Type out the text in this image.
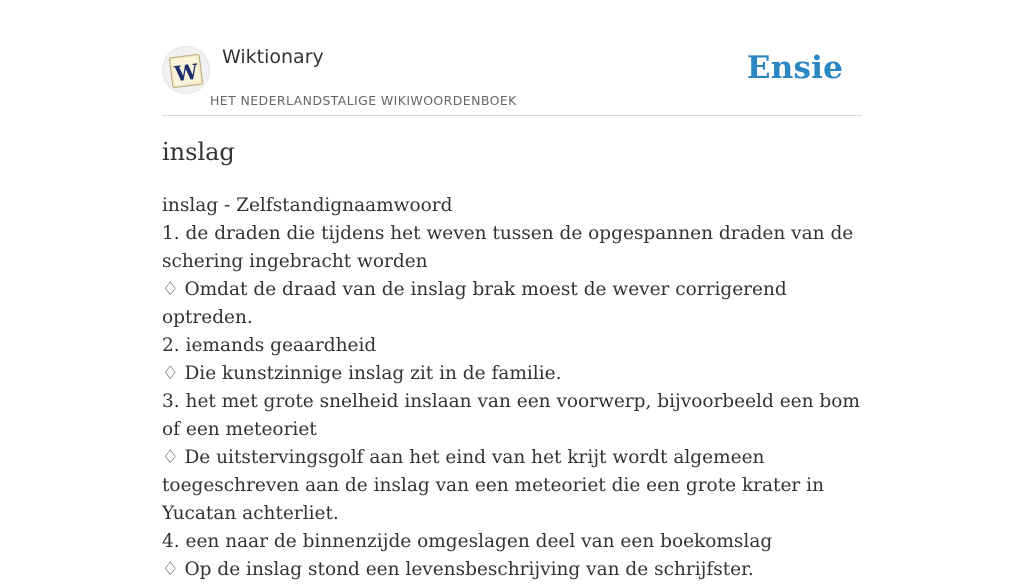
W
Wiktionary
HET NEDERLANDSTALIGE WIKIWOORDENBOEK
Ensie
inslag
inslag - Zelfstandignaamwoord
1. de draden die tijdens het weven tussen de opgespannen draden van de schering ingebracht worden
♢ Omdat de draad van de inslag brak moest de wever corrigerend optreden.
2. iemands geaardheid
♢ Die kunstzinnige inslag zit in de familie.
3. het met grote snelheid inslaan van een voorwerp, bijvoorbeeld een bom of een meteoriet
♢ De uitstervingsgolf aan het eind van het krijt wordt algemeen toegeschreven aan de inslag van een meteoriet die een grote krater in Yucatan achterliet.
4. een naar de binnenzijde omgeslagen deel van een boekomslag
♢ Op de inslag stond een levensbeschrijving van de schrijfster.
